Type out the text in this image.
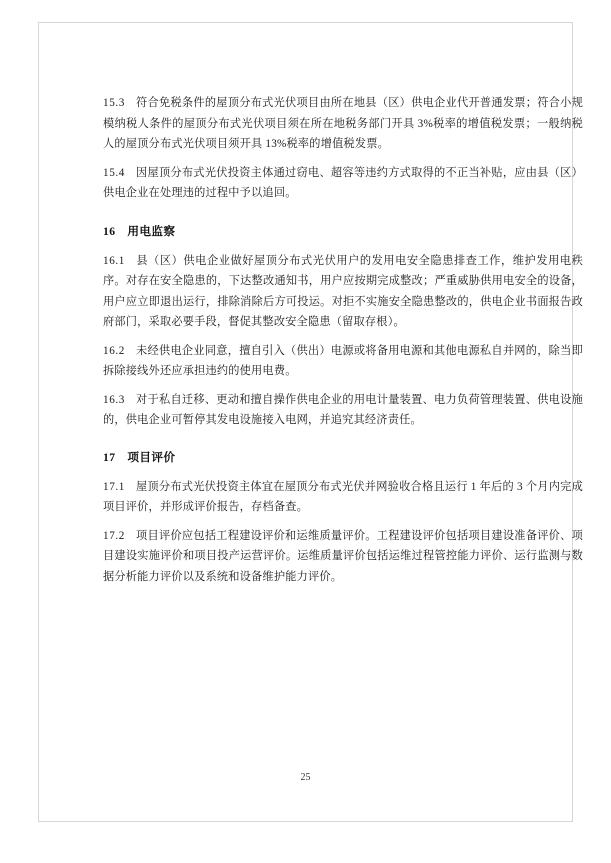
15.3 符合免税条件的屋顶分布式光伏项目由所在地县（区）供电企业代开普通发票；符合小规模纳税人条件的屋顶分布式光伏项目须在所在地税务部门开具 3%税率的增值税发票；一般纳税人的屋顶分布式光伏项目须开具 13%税率的增值税发票。

15.4 因屋顶分布式光伏投资主体通过窃电、超容等违约方式取得的不正当补贴，应由县（区）供电企业在处理违的过程中予以追回。

16 用电监察

16.1 县（区）供电企业做好屋顶分布式光伏用户的发用电安全隐患排查工作，维护发用电秩序。对存在安全隐患的，下达整改通知书，用户应按期完成整改；严重威胁供用电安全的设备，用户应立即退出运行，排除消除后方可投运。对拒不实施安全隐患整改的，供电企业书面报告政府部门，采取必要手段，督促其整改安全隐患（留取存根）。

16.2 未经供电企业同意，擅自引入（供出）电源或将备用电源和其他电源私自并网的，除当即拆除接线外还应承担违约的使用电费。

16.3 对于私自迁移、更动和擅自操作供电企业的用电计量装置、电力负荷管理装置、供电设施的，供电企业可暂停其发电设施接入电网，并追究其经济责任。

17 项目评价

17.1 屋顶分布式光伏投资主体宜在屋顶分布式光伏并网验收合格且运行 1 年后的 3 个月内完成项目评价，并形成评价报告，存档备查。

17.2 项目评价应包括工程建设评价和运维质量评价。工程建设评价包括项目建设准备评价、项目建设实施评价和项目投产运营评价。运维质量评价包括运维过程管控能力评价、运行监测与数据分析能力评价以及系统和设备维护能力评价。

25
